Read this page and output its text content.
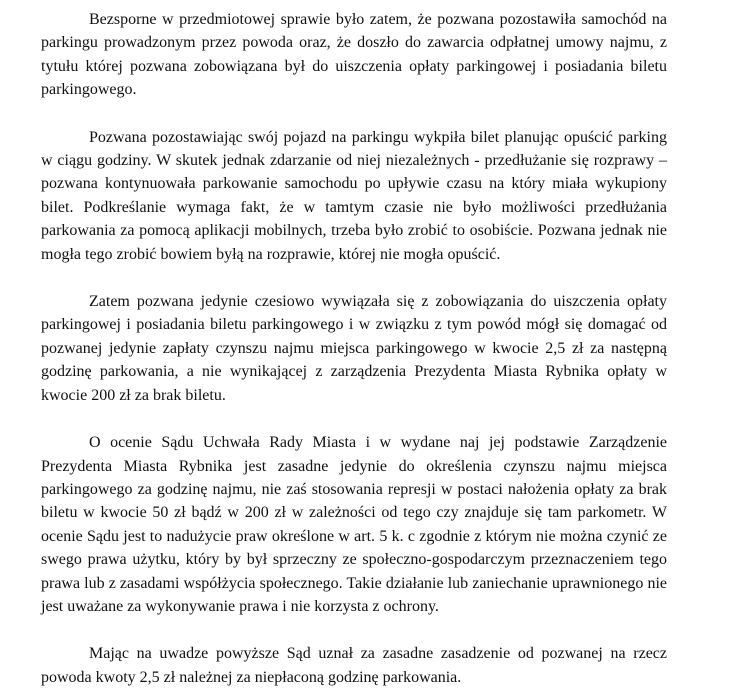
Bezsporne w przedmiotowej sprawie było zatem, że pozwana pozostawiła samochód na parkingu prowadzonym przez powoda oraz, że doszło do zawarcia odpłatnej umowy najmu, z tytułu której pozwana zobowiązana był do uiszczenia opłaty parkingowej i posiadania biletu parkingowego.

Pozwana pozostawiając swój pojazd na parkingu wykpiła bilet planując opuścić parking w ciągu godziny. W skutek jednak zdarzanie od niej niezależnych - przedłużanie się rozprawy – pozwana kontynuowała parkowanie samochodu po upływie czasu na który miała wykupiony bilet. Podkreślanie wymaga fakt, że w tamtym czasie nie było możliwości przedłużania parkowania za pomocą aplikacji mobilnych, trzeba było zrobić to osobiście. Pozwana jednak nie mogła tego zrobić bowiem byłą na rozprawie, której nie mogła opuścić.

Zatem pozwana jedynie czesiowo wywiązała się z zobowiązania do uiszczenia opłaty parkingowej i posiadania biletu parkingowego i w związku z tym powód mógł się domagać od pozwanej jedynie zapłaty czynszu najmu miejsca parkingowego w kwocie 2,5 zł za następną godzinę parkowania, a nie wynikającej z zarządzenia Prezydenta Miasta Rybnika opłaty w kwocie 200 zł za brak biletu.

O ocenie Sądu Uchwała Rady Miasta i w wydane naj jej podstawie Zarządzenie Prezydenta Miasta Rybnika jest zasadne jedynie do określenia czynszu najmu miejsca parkingowego za godzinę najmu, nie zaś stosowania represji w postaci nałożenia opłaty za brak biletu w kwocie 50 zł bądź w 200 zł w zależności od tego czy znajduje się tam parkometr. W ocenie Sądu jest to nadużycie praw określone w art. 5 k. c zgodnie z którym nie można czynić ze swego prawa użytku, który by był sprzeczny ze społeczno-gospodarczym przeznaczeniem tego prawa lub z zasadami współżycia społecznego. Takie działanie lub zaniechanie uprawnionego nie jest uważane za wykonywanie prawa i nie korzysta z ochrony.

Mając na uwadze powyższe Sąd uznał za zasadne zasadzenie od pozwanej na rzecz powoda kwoty 2,5 zł należnej za niepłaconą godzinę parkowania.
